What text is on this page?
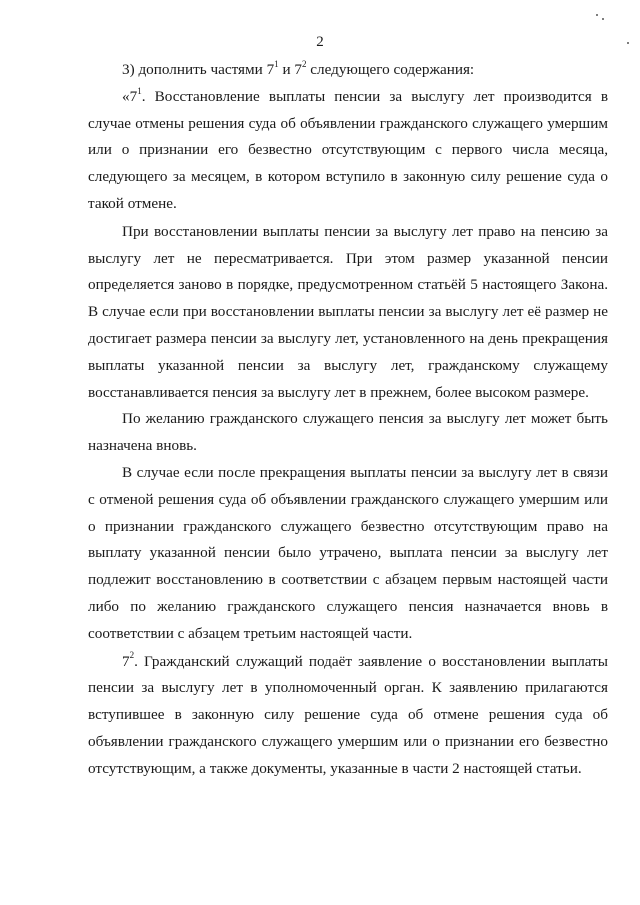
2

3) дополнить частями $7^1$ и $7^2$ следующего содержания:

«$7^1$. Восстановление выплаты пенсии за выслугу лет производится в случае отмены решения суда об объявлении гражданского служащего умершим или о признании его безвестно отсутствующим с первого числа месяца, следующего за месяцем, в котором вступило в законную силу решение суда о такой отмене.

При восстановлении выплаты пенсии за выслугу лет право на пенсию за выслугу лет не пересматривается. При этом размер указанной пенсии определяется заново в порядке, предусмотренном статьёй 5 настоящего Закона. В случае если при восстановлении выплаты пенсии за выслугу лет её размер не достигает размера пенсии за выслугу лет, установленного на день прекращения выплаты указанной пенсии за выслугу лет, гражданскому служащему восстанавливается пенсия за выслугу лет в прежнем, более высоком размере.

По желанию гражданского служащего пенсия за выслугу лет может быть назначена вновь.

В случае если после прекращения выплаты пенсии за выслугу лет в связи с отменой решения суда об объявлении гражданского служащего умершим или о признании гражданского служащего безвестно отсутствующим право на выплату указанной пенсии было утрачено, выплата пенсии за выслугу лет подлежит восстановлению в соответствии с абзацем первым настоящей части либо по желанию гражданского служащего пенсия назначается вновь в соответствии с абзацем третьим настоящей части.

$7^2$. Гражданский служащий подаёт заявление о восстановлении выплаты пенсии за выслугу лет в уполномоченный орган. К заявлению прилагаются вступившее в законную силу решение суда об отмене решения суда об объявлении гражданского служащего умершим или о признании его безвестно отсутствующим, а также документы, указанные в части 2 настоящей статьи.
